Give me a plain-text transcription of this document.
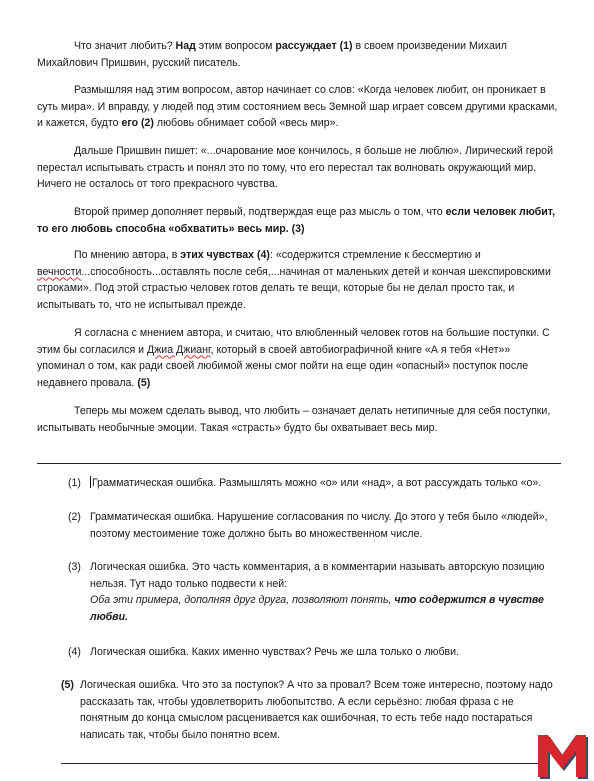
Что значит любить? Над этим вопросом рассуждает (1) в своем произведении Михаил Михайлович Пришвин, русский писатель.

Размышляя над этим вопросом, автор начинает со слов: «Когда человек любит, он проникает в суть мира». И вправду, у людей под этим состоянием весь Земной шар играет совсем другими красками, и кажется, будто его (2) любовь обнимает собой «весь мир».

Дальше Пришвин пишет: «...очарование мое кончилось, я больше не люблю». Лирический герой перестал испытывать страсть и понял это по тому, что его перестал так волновать окружающий мир. Ничего не осталось от того прекрасного чувства.

Второй пример дополняет первый, подтверждая еще раз мысль о том, что если человек любит, то его любовь способна «обхватить» весь мир. (3)

По мнению автора, в этих чувствах (4): «содержится стремление к бессмертию и вечности...способность...оставлять после себя,...начиная от маленьких детей и кончая шекспировскими строками». Под этой страстью человек готов делать те вещи, которые бы не делал просто так, и испытывать то, что не испытывал прежде.

Я согласна с мнением автора, и считаю, что влюбленный человек готов на большие поступки. С этим бы согласился и Джиа Джианг, который в своей автобиографичной книге «А я тебя «Нет»» упоминал о том, как ради своей любимой жены смог пойти на еще один «опасный» поступок после недавнего провала. (5)

Теперь мы можем сделать вывод, что любить – означает делать нетипичные для себя поступки, испытывать необычные эмоции. Такая «страсть» будто бы охватывает весь мир.

(1) Грамматическая ошибка. Размышлять можно «о» или «над», а вот рассуждать только «о».
(2) Грамматическая ошибка. Нарушение согласования по числу. До этого у тебя было «людей», поэтому местоимение тоже должно быть во множественном числе.
(3) Логическая ошибка. Это часть комментария, а в комментарии называть авторскую позицию нельзя. Тут надо только подвести к ней:
Оба эти примера, дополняя друг друга, позволяют понять, что содержится в чувстве любви.
(4) Логическая ошибка. Каких именно чувствах? Речь же шла только о любви.
(5) Логическая ошибка. Что это за поступок? А что за провал? Всем тоже интересно, поэтому надо рассказать так, чтобы удовлетворить любопытство. А если серьёзно: любая фраза с не понятным до конца смыслом расценивается как ошибочная, то есть тебе надо постараться написать так, чтобы было понятно всем.
